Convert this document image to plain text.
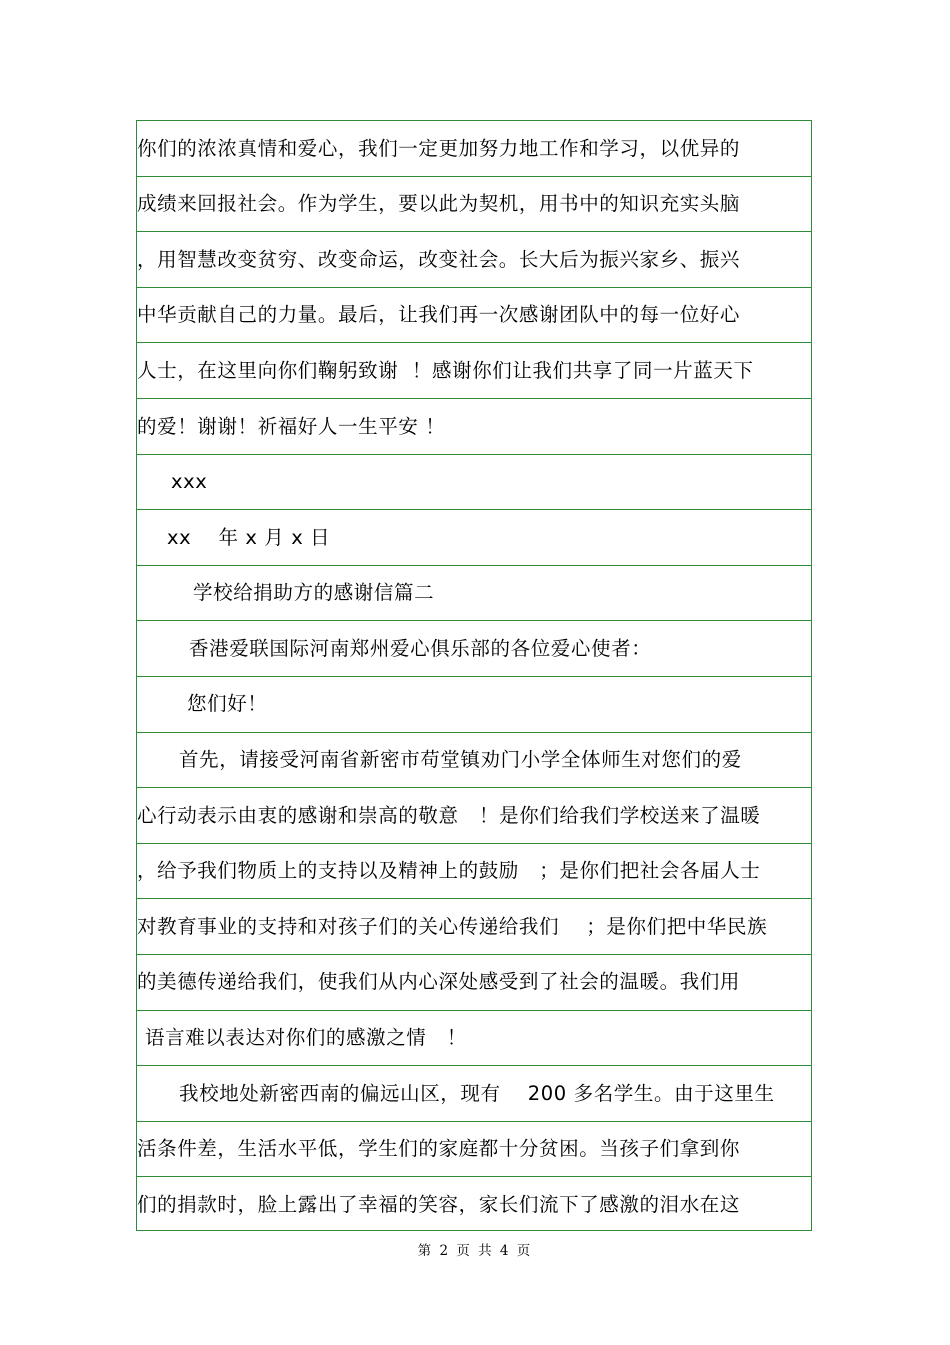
你们的浓浓真情和爱心，我们一定更加努力地工作和学习，以优异的
成绩来回报社会。作为学生，要以此为契机，用书中的知识充实头脑
，用智慧改变贫穷、改变命运，改变社会。长大后为振兴家乡、振兴
中华贡献自己的力量。最后，让我们再一次感谢团队中的每一位好心
人士，在这里向你们鞠躬致谢  ！感谢你们让我们共享了同一片蓝天下
的爱！谢谢！祈福好人一生平安 ！
xxx
xx    年 x 月 x 日
学校给捐助方的感谢信篇二
香港爱联国际河南郑州爱心俱乐部的各位爱心使者：
您们好！
首先，请接受河南省新密市苟堂镇劝门小学全体师生对您们的爱
心行动表示由衷的感谢和崇高的敬意   ！是你们给我们学校送来了温暖
，给予我们物质上的支持以及精神上的鼓励   ；是你们把社会各届人士
对教育事业的支持和对孩子们的关心传递给我们    ；是你们把中华民族
的美德传递给我们，使我们从内心深处感受到了社会的温暖。我们用
语言难以表达对你们的感激之情   ！
我校地处新密西南的偏远山区，现有    200 多名学生。由于这里生
活条件差，生活水平低，学生们的家庭都十分贫困。当孩子们拿到你
们的捐款时，脸上露出了幸福的笑容，家长们流下了感激的泪水在这
第 2 页 共 4 页
